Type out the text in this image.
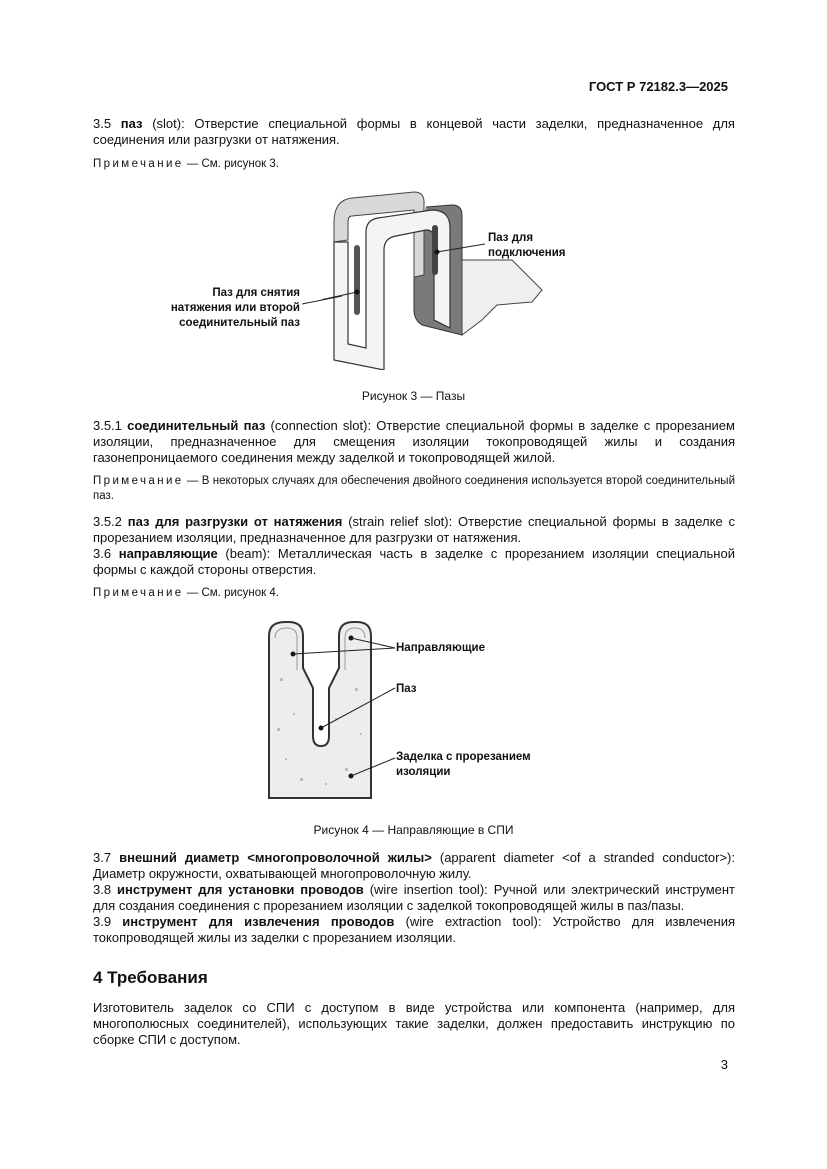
ГОСТ Р 72182.3—2025

3.5 паз (slot): Отверстие специальной формы в концевой части заделки, предназначенное для соединения или разгрузки от натяжения.

Примечание — См. рисунок 3.
Паз для подключения
Паз для снятия натяжения или второй соединительный паз
Рисунок 3 — Пазы

3.5.1 соединительный паз (connection slot): Отверстие специальной формы в заделке с прорезанием изоляции, предназначенное для смещения изоляции токопроводящей жилы и создания газонепроницаемого соединения между заделкой и токопроводящей жилой.

Примечание — В некоторых случаях для обеспечения двойного соединения используется второй соединительный паз.

3.5.2 паз для разгрузки от натяжения (strain relief slot): Отверстие специальной формы в заделке с прорезанием изоляции, предназначенное для разгрузки от натяжения.

3.6 направляющие (beam): Металлическая часть в заделке с прорезанием изоляции специальной формы с каждой стороны отверстия.

Примечание — См. рисунок 4.
Направляющие
Паз
Заделка с прорезанием изоляции
Рисунок 4 — Направляющие в СПИ

3.7 внешний диаметр <многопроволочной жилы> (apparent diameter <of a stranded conductor>): Диаметр окружности, охватывающей многопроволочную жилу.

3.8 инструмент для установки проводов (wire insertion tool): Ручной или электрический инструмент для создания соединения с прорезанием изоляции с заделкой токопроводящей жилы в паз/пазы.

3.9 инструмент для извлечения проводов (wire extraction tool): Устройство для извлечения токопроводящей жилы из заделки с прорезанием изоляции.

4 Требования

Изготовитель заделок со СПИ с доступом в виде устройства или компонента (например, для многополюсных соединителей), использующих такие заделки, должен предоставить инструкцию по сборке СПИ с доступом.

3
